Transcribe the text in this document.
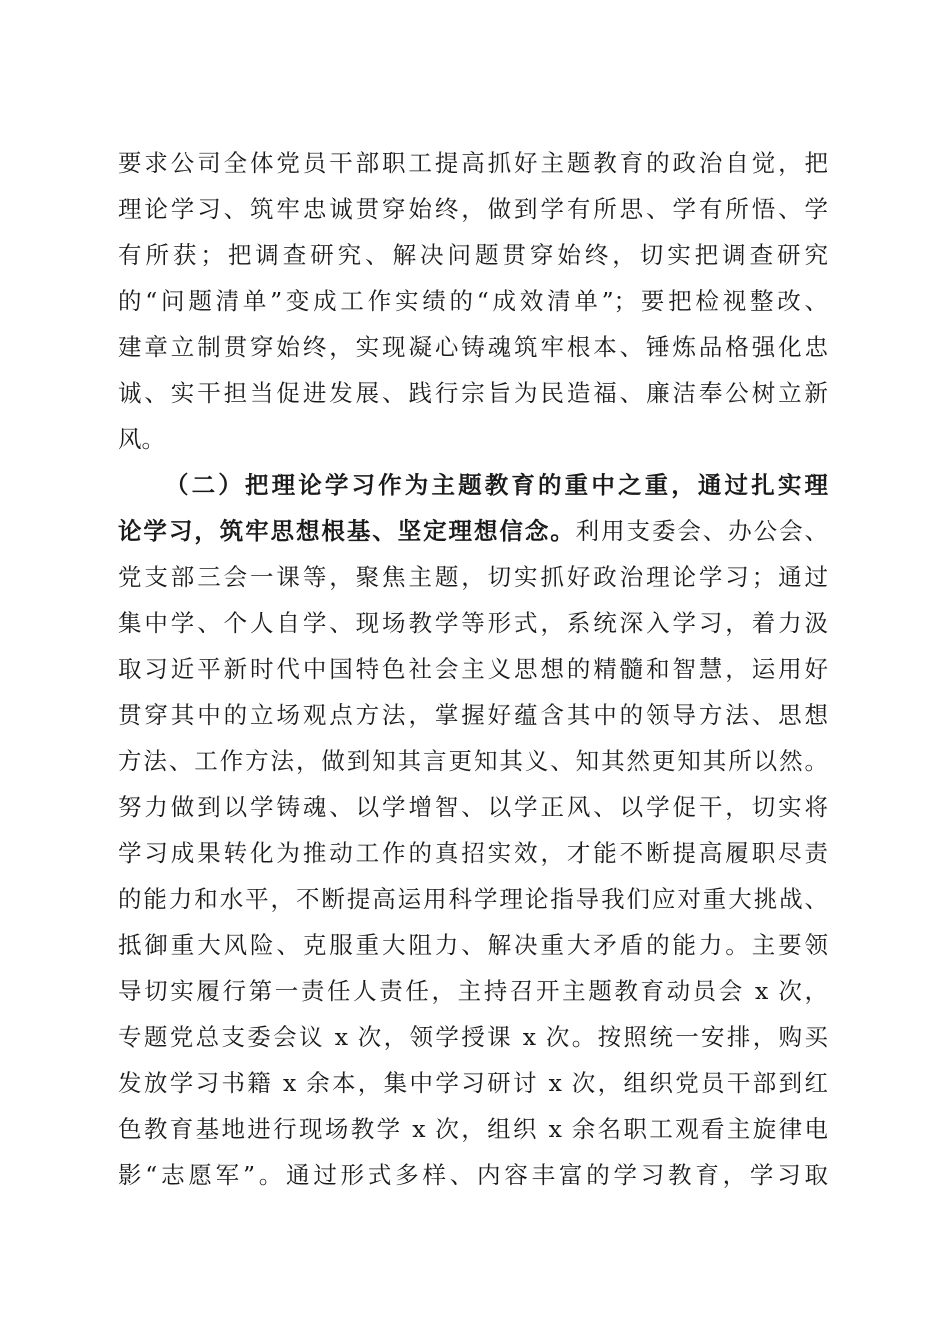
要求公司全体党员干部职工提高抓好主题教育的政治自觉，把
理论学习、筑牢忠诚贯穿始终，做到学有所思、学有所悟、学
有所获；把调查研究、解决问题贯穿始终，切实把调查研究
的“问题清单”变成工作实绩的“成效清单”；要把检视整改、
建章立制贯穿始终，实现凝心铸魂筑牢根本、锤炼品格强化忠
诚、实干担当促进发展、践行宗旨为民造福、廉洁奉公树立新
风。
（二）把理论学习作为主题教育的重中之重，通过扎实理
论学习，筑牢思想根基、坚定理想信念。利用支委会、办公会、
党支部三会一课等，聚焦主题，切实抓好政治理论学习；通过
集中学、个人自学、现场教学等形式，系统深入学习，着力汲
取习近平新时代中国特色社会主义思想的精髓和智慧，运用好
贯穿其中的立场观点方法，掌握好蕴含其中的领导方法、思想
方法、工作方法，做到知其言更知其义、知其然更知其所以然。
努力做到以学铸魂、以学增智、以学正风、以学促干，切实将
学习成果转化为推动工作的真招实效，才能不断提高履职尽责
的能力和水平，不断提高运用科学理论指导我们应对重大挑战、
抵御重大风险、克服重大阻力、解决重大矛盾的能力。主要领
导切实履行第一责任人责任，主持召开主题教育动员会 x 次，
专题党总支委会议 x 次，领学授课 x 次。按照统一安排，购买
发放学习书籍 x 余本，集中学习研讨 x 次，组织党员干部到红
色教育基地进行现场教学 x 次，组织 x 余名职工观看主旋律电
影“志愿军”。通过形式多样、内容丰富的学习教育，学习取
